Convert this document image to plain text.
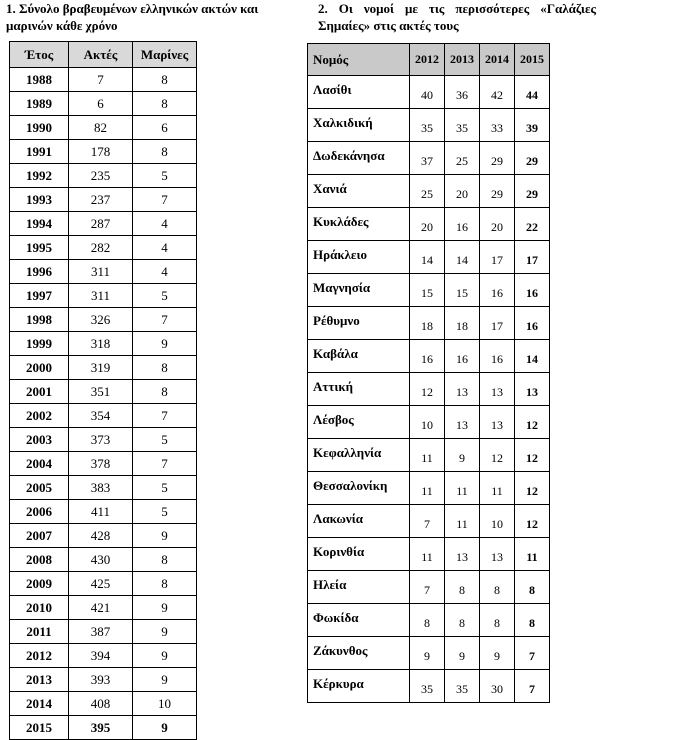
1. Σύνολο βραβευμένων ελληνικών ακτών και μαρινών κάθε χρόνο
2. Οι νομοί με τις περισσότερες «Γαλάζιες Σημαίες» στις ακτές τους
Έτος	Ακτές	Μαρίνες
1988	7	8
1989	6	8
1990	82	6
1991	178	8
1992	235	5
1993	237	7
1994	287	4
1995	282	4
1996	311	4
1997	311	5
1998	326	7
1999	318	9
2000	319	8
2001	351	8
2002	354	7
2003	373	5
2004	378	7
2005	383	5
2006	411	5
2007	428	9
2008	430	8
2009	425	8
2010	421	9
2011	387	9
2012	394	9
2013	393	9
2014	408	10
2015	395	9
Νομός	2012	2013	2014	2015
Λασίθι	40	36	42	44
Χαλκιδική	35	35	33	39
Δωδεκάνησα	37	25	29	29
Χανιά	25	20	29	29
Κυκλάδες	20	16	20	22
Ηράκλειο	14	14	17	17
Μαγνησία	15	15	16	16
Ρέθυμνο	18	18	17	16
Καβάλα	16	16	16	14
Αττική	12	13	13	13
Λέσβος	10	13	13	12
Κεφαλληνία	11	9	12	12
Θεσσαλονίκη	11	11	11	12
Λακωνία	7	11	10	12
Κορινθία	11	13	13	11
Ηλεία	7	8	8	8
Φωκίδα	8	8	8	8
Ζάκυνθος	9	9	9	7
Κέρκυρα	35	35	30	7
